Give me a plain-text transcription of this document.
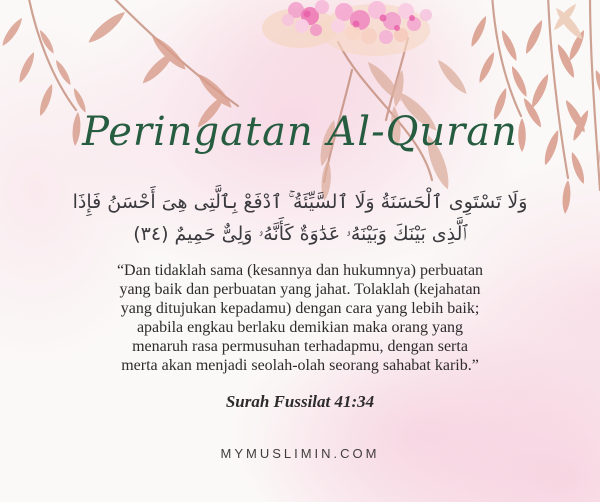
Peringatan Al-Quran
وَلَا تَسْتَوِى ٱلْحَسَنَةُ وَلَا ٱلسَّيِّئَةُ ۚ ٱدْفَعْ بِٱلَّتِى هِىَ أَحْسَنُ فَإِذَا
ٱلَّذِى بَيْنَكَ وَبَيْنَهُۥ عَدَٰوَةٌ كَأَنَّهُۥ وَلِىٌّ حَمِيمٌ (٣٤)
“Dan tidaklah sama (kesannya dan hukumnya) perbuatan
yang baik dan perbuatan yang jahat. Tolaklah (kejahatan
yang ditujukan kepadamu) dengan cara yang lebih baik;
apabila engkau berlaku demikian maka orang yang
menaruh rasa permusuhan terhadapmu, dengan serta
merta akan menjadi seolah-olah seorang sahabat karib.”
Surah Fussilat 41:34
MYMUSLIMIN.COM
